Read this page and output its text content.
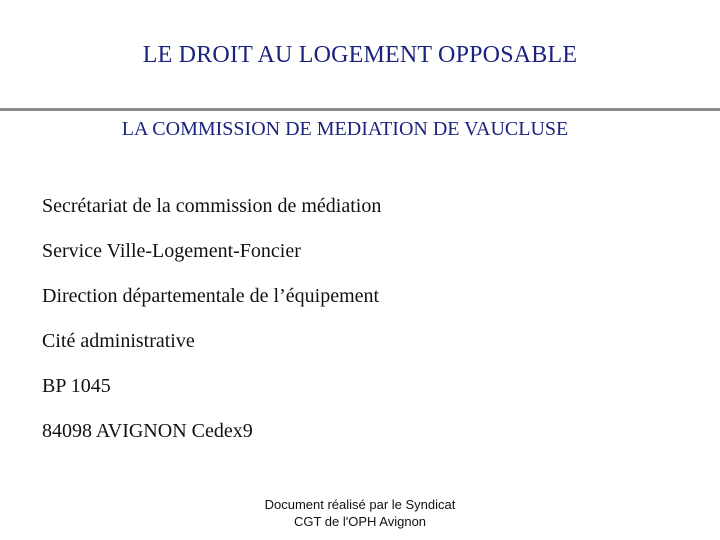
LE DROIT AU LOGEMENT OPPOSABLE
LA COMMISSION DE MEDIATION DE VAUCLUSE
Secrétariat de la commission de médiation
Service Ville-Logement-Foncier
Direction départementale de l’équipement
Cité administrative
BP 1045
84098 AVIGNON Cedex9
Document réalisé par le Syndicat
CGT de l'OPH Avignon
